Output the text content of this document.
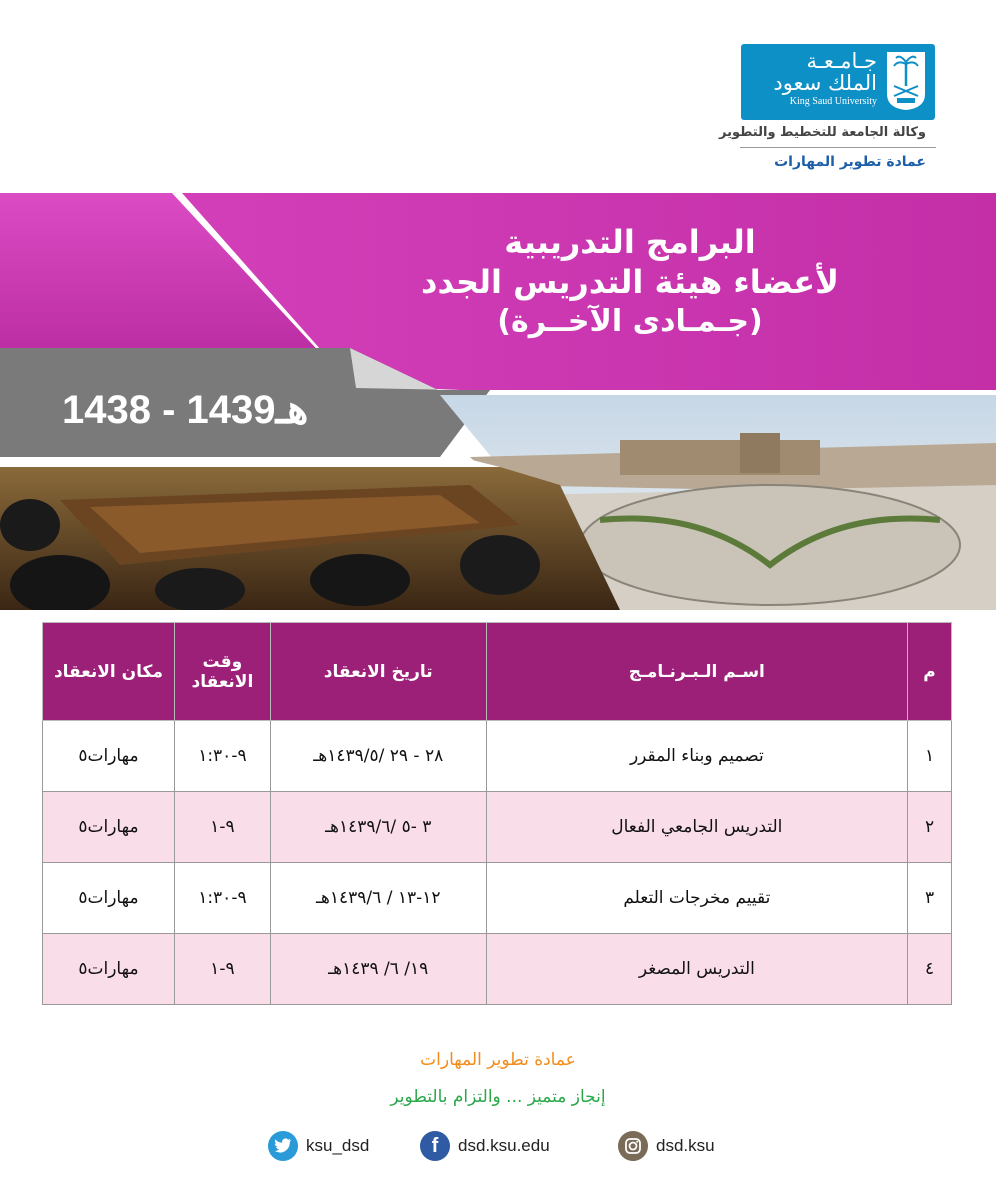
جـامـعـة
الملك سعود
King Saud University
وكالة الجامعة للتخطيط والتطوير
عمادة تطوير المهارات
البرامج التدريبية
لأعضاء هيئة التدريس الجدد
(جـمـادى الآخــرة)
1438 - 1439هـ
م	اسـم الـبـرنـامـج	تاريخ الانعقاد	وقت الانعقاد	مكان الانعقاد
١	تصميم وبناء المقرر	٢٨ - ٢٩ /١٤٣٩/٥هـ	٩-١:٣٠	مهارات٥
٢	التدريس الجامعي الفعال	٣ -٥ /١٤٣٩/٦هـ	٩-١	مهارات٥
٣	تقييم مخرجات التعلم	١٢-١٣ / ١٤٣٩/٦هـ	٩-١:٣٠	مهارات٥
٤	التدريس المصغر	١٩/ ٦/ ١٤٣٩هـ	٩-١	مهارات٥
عمادة تطوير المهارات
إنجاز متميز ... والتزام بالتطوير
ksu_dsd	f	dsd.ksu.edu	dsd.ksu
